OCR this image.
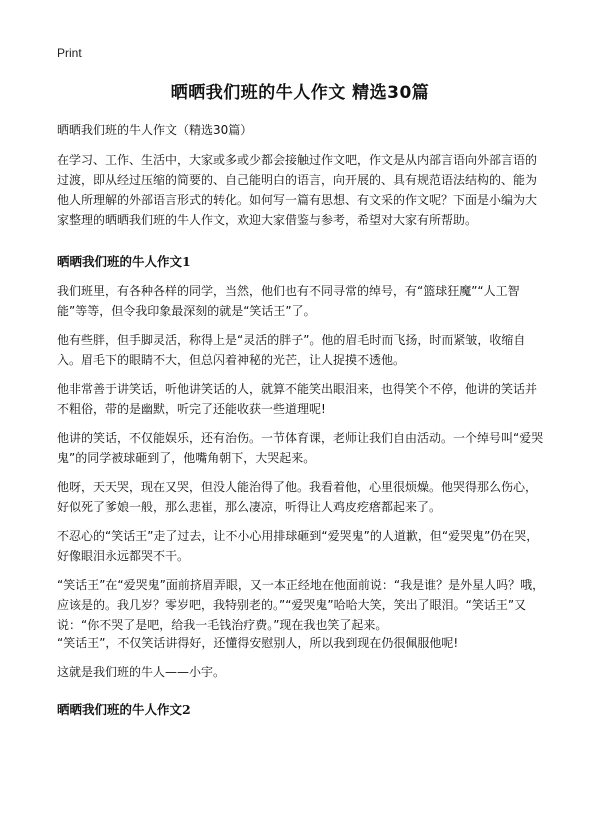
Print
晒晒我们班的牛人作文 精选30篇
晒晒我们班的牛人作文（精选30篇）

在学习、工作、生活中，大家或多或少都会接触过作文吧，作文是从内部言语向外部言语的过渡，即从经过压缩的简要的、自己能明白的语言，向开展的、具有规范语法结构的、能为他人所理解的外部语言形式的转化。如何写一篇有思想、有文采的作文呢？下面是小编为大家整理的晒晒我们班的牛人作文，欢迎大家借鉴与参考，希望对大家有所帮助。

晒晒我们班的牛人作文1

我们班里，有各种各样的同学，当然，他们也有不同寻常的绰号，有“篮球狂魔”“人工智能”等等，但令我印象最深刻的就是“笑话王”了。

他有些胖，但手脚灵活，称得上是“灵活的胖子”。他的眉毛时而飞扬，时而紧皱，收缩自入。眉毛下的眼睛不大，但总闪着神秘的光芒，让人捉摸不透他。

他非常善于讲笑话，听他讲笑话的人，就算不能笑出眼泪来，也得笑个不停，他讲的笑话并不粗俗，带的是幽默，听完了还能收获一些道理呢!

他讲的笑话，不仅能娱乐，还有治伤。一节体育课，老师让我们自由活动。一个绰号叫“爱哭鬼”的同学被球砸到了，他嘴角朝下，大哭起来。

他呀，天天哭，现在又哭，但没人能治得了他。我看着他，心里很烦燥。他哭得那么伤心，好似死了爹娘一般，那么悲崔，那么凄凉，听得让人鸡皮疙瘩都起来了。

不忍心的“笑话王”走了过去，让不小心用排球砸到“爱哭鬼”的人道歉，但“爱哭鬼”仍在哭，好像眼泪永远都哭不干。

“笑话王”在“爱哭鬼”面前挤眉弄眼，又一本正经地在他面前说：“我是谁？是外星人吗？哦，应该是的。我几岁？零岁吧，我特别老的。”“爱哭鬼”哈哈大笑，笑出了眼泪。“笑话王”又说：“你不哭了是吧，给我一毛钱治疗费。”现在我也笑了起来。

“笑话王”，不仅笑话讲得好，还懂得安慰别人，所以我到现在仍很佩服他呢!

这就是我们班的牛人——小宇。

晒晒我们班的牛人作文2
